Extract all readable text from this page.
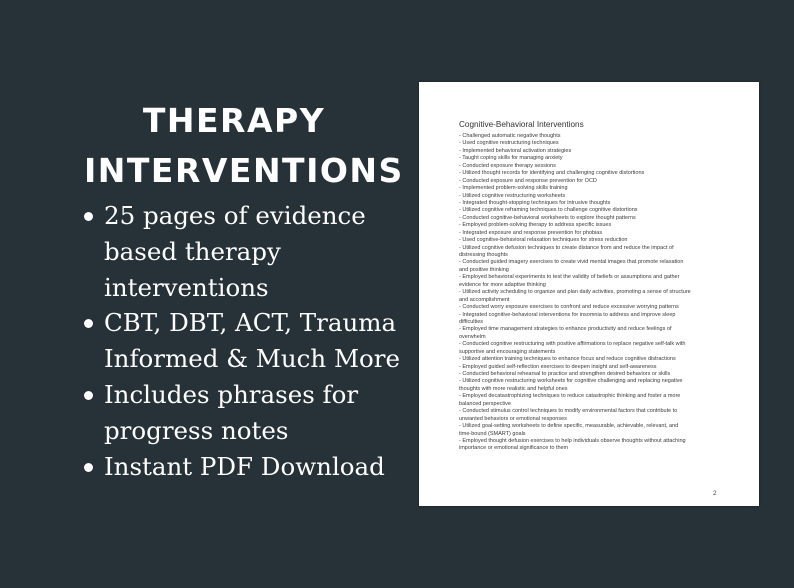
THERAPY
INTERVENTIONS
25 pages of evidence
based therapy
interventions
CBT, DBT, ACT, Trauma
Informed & Much More
Includes phrases for
progress notes
Instant PDF Download

Cognitive-Behavioral Interventions

- Challenged automatic negative thoughts
- Used cognitive restructuring techniques
- Implemented behavioral activation strategies
- Taught coping skills for managing anxiety
- Conducted exposure therapy sessions
- Utilized thought records for identifying and challenging cognitive distortions
- Conducted exposure and response prevention for OCD
- Implemented problem-solving skills training
- Utilized cognitive restructuring worksheets
- Integrated thought-stopping techniques for intrusive thoughts
- Utilized cognitive reframing techniques to challenge cognitive distortions
- Conducted cognitive-behavioral worksheets to explore thought patterns
- Employed problem-solving therapy to address specific issues
- Integrated exposure and response prevention for phobias
- Used cognitive-behavioral relaxation techniques for stress reduction
- Utilized cognitive defusion techniques to create distance from and reduce the impact of
distressing thoughts
- Conducted guided imagery exercises to create vivid mental images that promote relaxation
and positive thinking
- Employed behavioral experiments to test the validity of beliefs or assumptions and gather
evidence for more adaptive thinking
- Utilized activity scheduling to organize and plan daily activities, promoting a sense of structure
and accomplishment
- Conducted worry exposure exercises to confront and reduce excessive worrying patterns
- Integrated cognitive-behavioral interventions for insomnia to address and improve sleep
difficulties
- Employed time management strategies to enhance productivity and reduce feelings of
overwhelm
- Conducted cognitive restructuring with positive affirmations to replace negative self-talk with
supportive and encouraging statements
- Utilized attention training techniques to enhance focus and reduce cognitive distractions
- Employed guided self-reflection exercises to deepen insight and self-awareness
- Conducted behavioral rehearsal to practice and strengthen desired behaviors or skills
- Utilized cognitive restructuring worksheets for cognitive challenging and replacing negative
thoughts with more realistic and helpful ones
- Employed decatastrophizing techniques to reduce catastrophic thinking and foster a more
balanced perspective
- Conducted stimulus control techniques to modify environmental factors that contribute to
unwanted behaviors or emotional responses
- Utilized goal-setting worksheets to define specific, measurable, achievable, relevant, and
time-bound (SMART) goals
- Employed thought defusion exercises to help individuals observe thoughts without attaching
importance or emotional significance to them
2
